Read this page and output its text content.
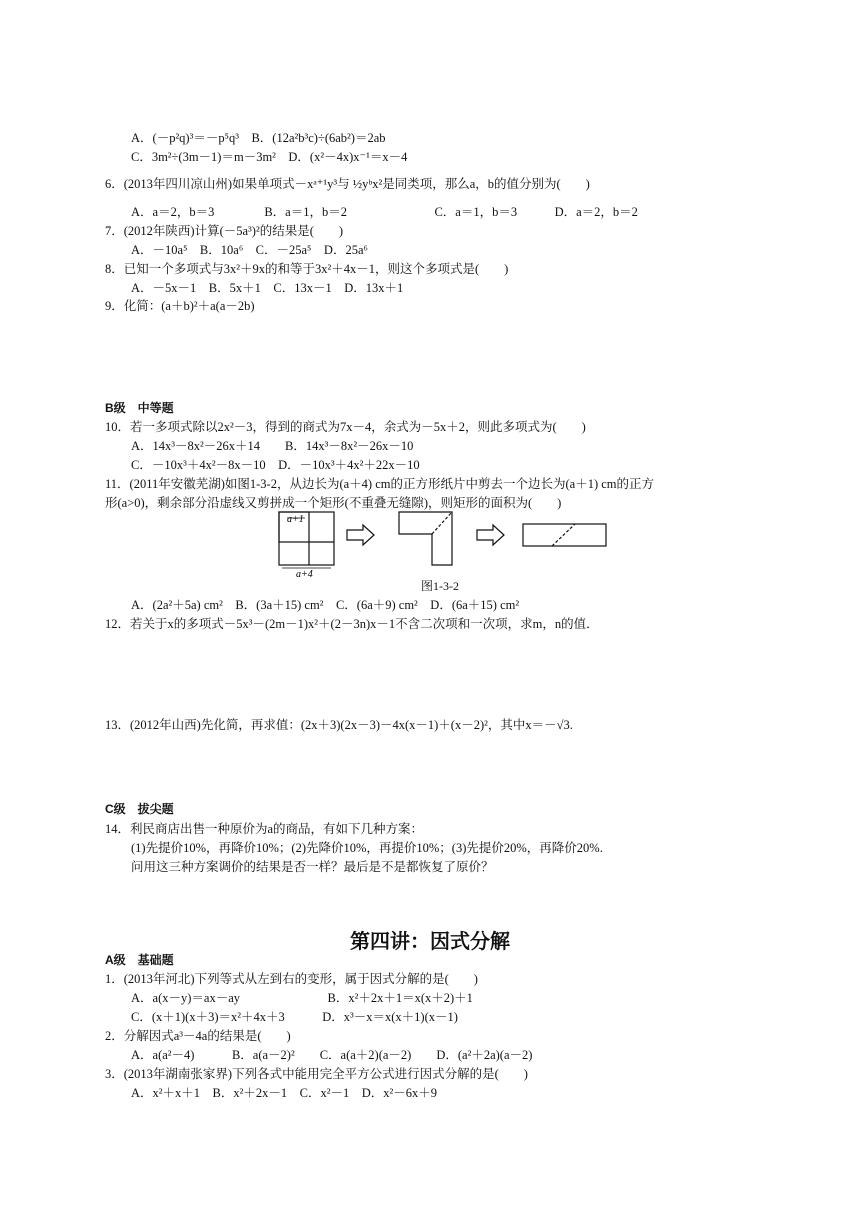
A．(－p²q)³＝－p⁵q³　B．(12a²b³c)÷(6ab²)＝2ab
C．3m²÷(3m－1)＝m－3m²　D．(x²－4x)x⁻¹＝x－4
6．(2013年四川凉山州)如果单项式－xᵃ⁺¹y³与 ½yᵇx²是同类项，那么a，b的值分别为(　　)
A．a＝2，b＝3　　　　B．a＝1，b＝2　　　　　　　C．a＝1，b＝3　　　D．a＝2，b＝2
7．(2012年陕西)计算(－5a³)²的结果是(　　)
A．－10a⁵　B．10a⁶　C．－25a⁵　D．25a⁶
8．已知一个多项式与3x²＋9x的和等于3x²＋4x－1，则这个多项式是(　　)
A．－5x－1　B．5x＋1　C．13x－1　D．13x＋1
9．化简：(a＋b)²＋a(a－2b)
B级　中等题
10．若一多项式除以2x²－3，得到的商式为7x－4，余式为－5x＋2，则此多项式为(　　)
A．14x³－8x²－26x＋14　　B．14x³－8x²－26x－10
C．－10x³＋4x²－8x－10　D．－10x³＋4x²＋22x－10
11．(2011年安徽芜湖)如图1-3-2，从边长为(a＋4) cm的正方形纸片中剪去一个边长为(a＋1) cm的正方
形(a>0)，剩余部分沿虚线又剪拼成一个矩形(不重叠无缝隙)，则矩形的面积为(　　)
a+1
a+4
图1-3-2
A．(2a²＋5a) cm²　B．(3a＋15) cm²　C．(6a＋9) cm²　D．(6a＋15) cm²
12．若关于x的多项式－5x³－(2m－1)x²＋(2－3n)x－1不含二次项和一次项，求m，n的值．
13．(2012年山西)先化简，再求值：(2x＋3)(2x－3)－4x(x－1)＋(x－2)²，其中x＝－√3.
C级　拔尖题
14．利民商店出售一种原价为a的商品，有如下几种方案：
(1)先提价10%，再降价10%；(2)先降价10%，再提价10%；(3)先提价20%，再降价20%.
问用这三种方案调价的结果是否一样？最后是不是都恢复了原价？
第四讲：因式分解
A级　基础题
1．(2013年河北)下列等式从左到右的变形，属于因式分解的是(　　)
A．a(x－y)＝ax－ay　　　　　　　B．x²＋2x＋1＝x(x＋2)＋1
C．(x＋1)(x＋3)＝x²＋4x＋3　　　D．x³－x＝x(x＋1)(x－1)
2．分解因式a³－4a的结果是(　　)
A．a(a²－4)　　　B．a(a－2)²　　C．a(a＋2)(a－2)　　D．(a²＋2a)(a－2)
3．(2013年湖南张家界)下列各式中能用完全平方公式进行因式分解的是(　　)
A．x²＋x＋1　B．x²＋2x－1　C．x²－1　D．x²－6x＋9
